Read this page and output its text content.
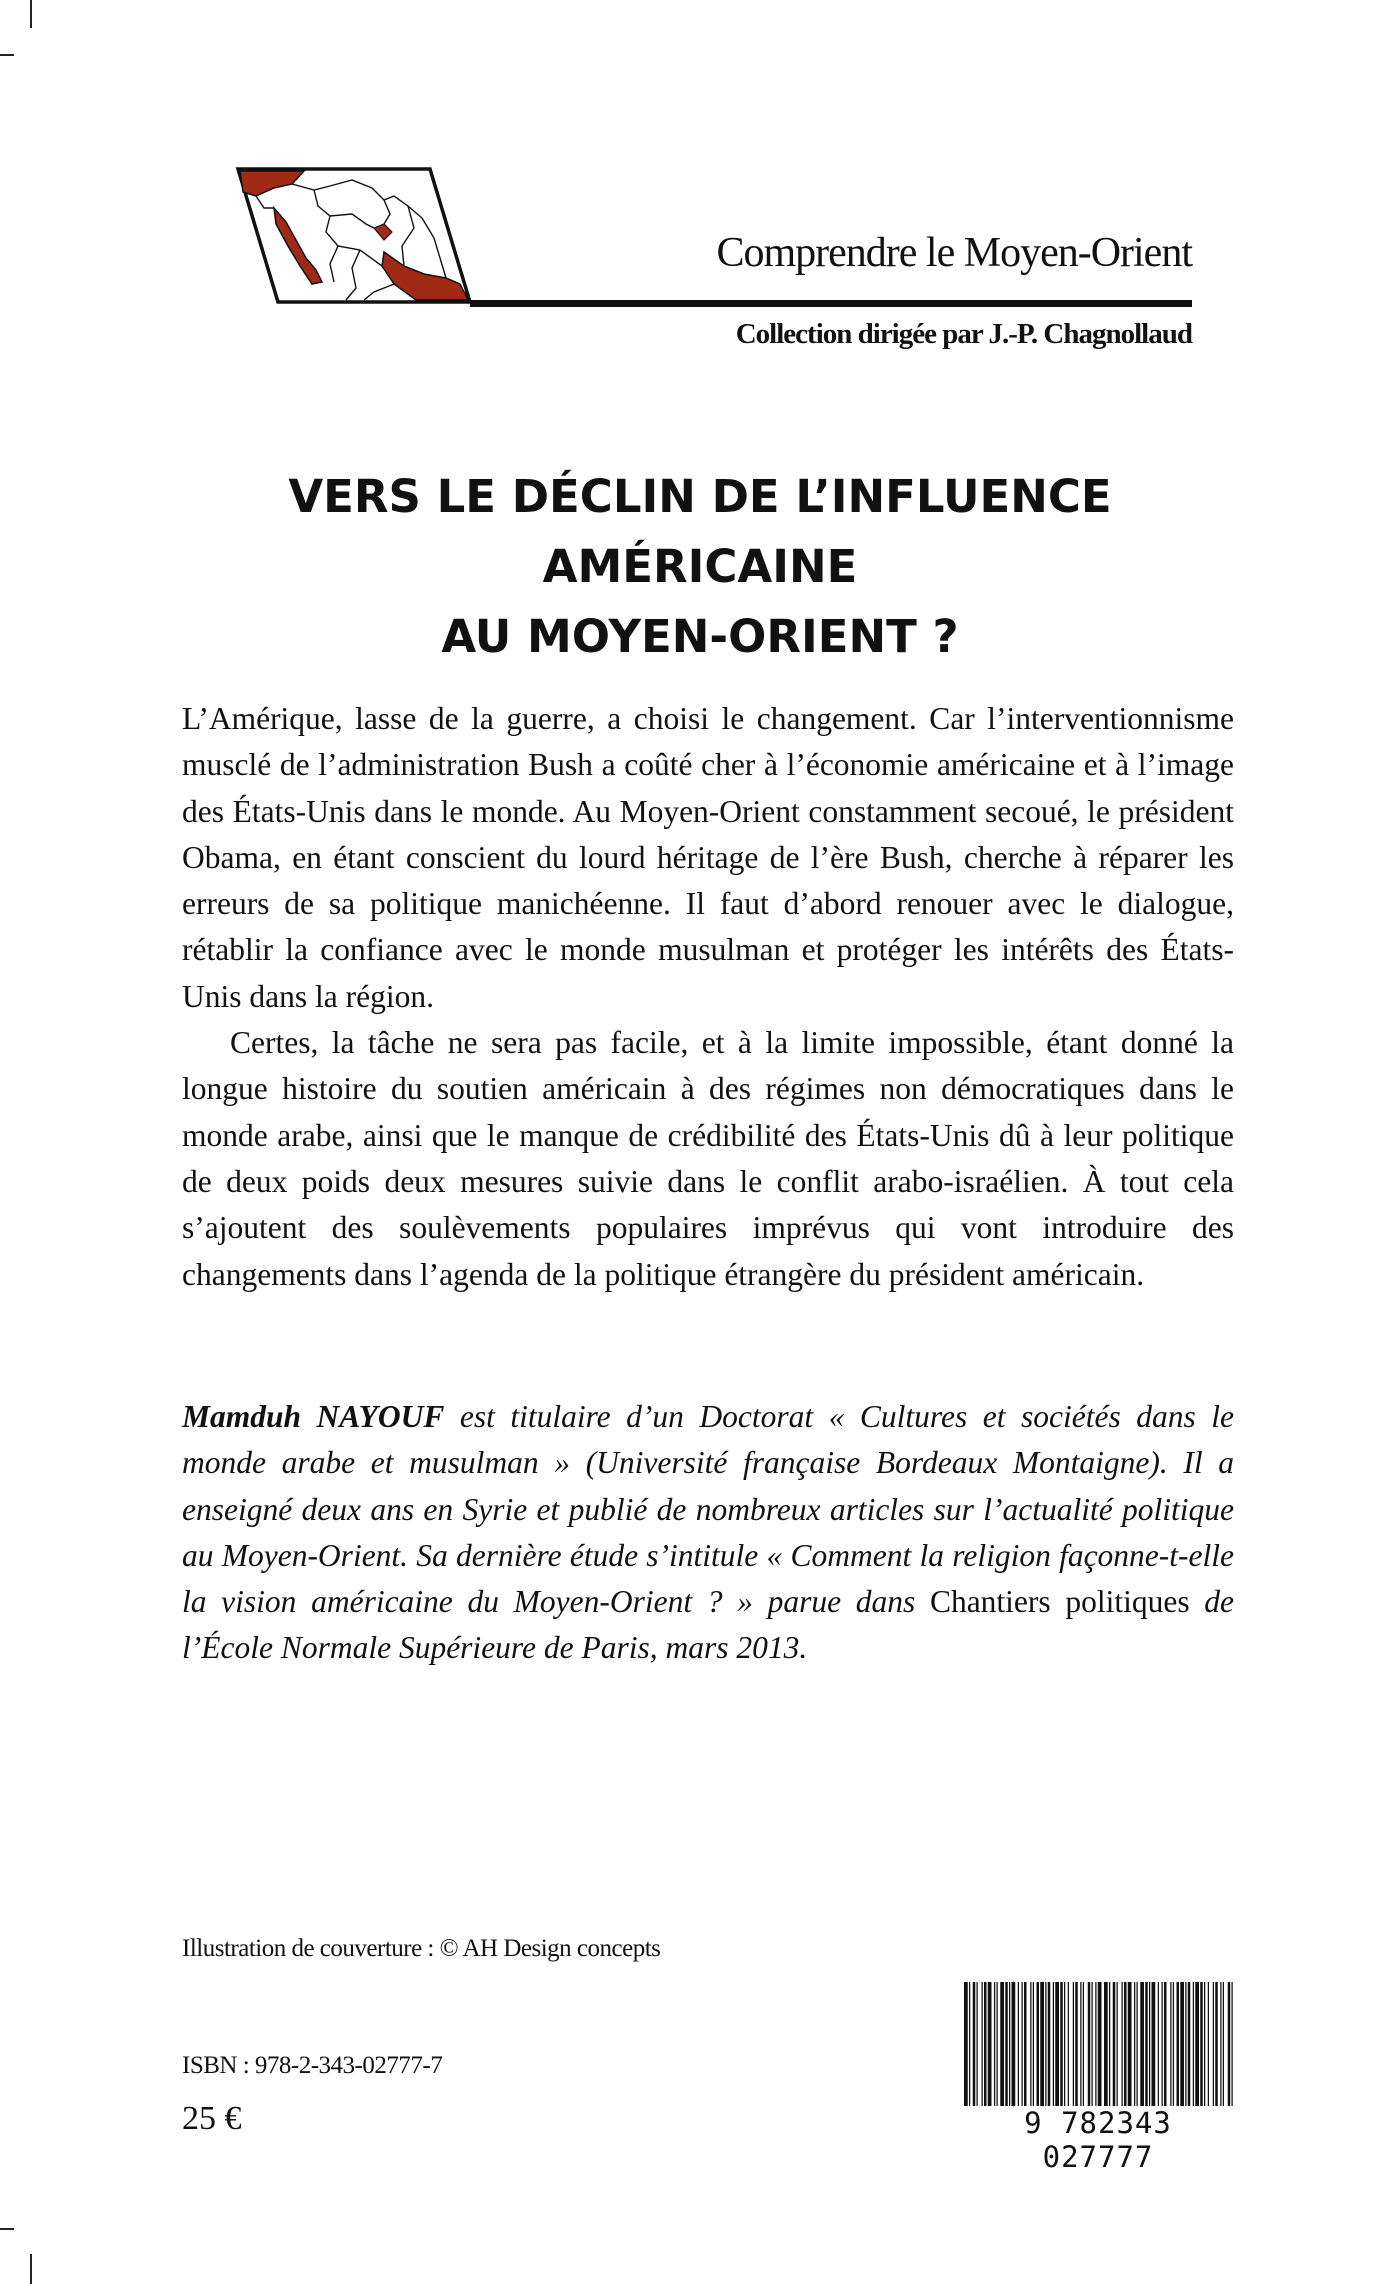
Comprendre le Moyen-Orient
Collection dirigée par J.-P. Chagnollaud
VERS LE DÉCLIN DE L’INFLUENCE AMÉRICAINE
AU MOYEN-ORIENT ?

L’Amérique, lasse de la guerre, a choisi le changement. Car l’interventionnisme musclé de l’administration Bush a coûté cher à l’économie américaine et à l’image des États-Unis dans le monde. Au Moyen-Orient constamment secoué, le président Obama, en étant conscient du lourd héritage de l’ère Bush, cherche à réparer les erreurs de sa politique manichéenne. Il faut d’abord renouer avec le dialogue, rétablir la confiance avec le monde musulman et protéger les intérêts des États-Unis dans la région.

Certes, la tâche ne sera pas facile, et à la limite impossible, étant donné la longue histoire du soutien américain à des régimes non démocratiques dans le monde arabe, ainsi que le manque de crédibilité des États-Unis dû à leur politique de deux poids deux mesures suivie dans le conflit arabo-israélien. À tout cela s’ajoutent des soulèvements populaires imprévus qui vont introduire des changements dans l’agenda de la politique étrangère du président américain.

Mamduh NAYOUF est titulaire d’un Doctorat « Cultures et sociétés dans le monde arabe et musulman » (Université française Bordeaux Montaigne). Il a enseigné deux ans en Syrie et publié de nombreux articles sur l’actualité politique au Moyen-Orient. Sa dernière étude s’intitule « Comment la religion façonne-t-elle la vision américaine du Moyen-Orient ? » parue dans Chantiers politiques de l’École Normale Supérieure de Paris, mars 2013.
Illustration de couverture : © AH Design concepts
ISBN : 978-2-343-02777-7
25 €	9 782343 027777
